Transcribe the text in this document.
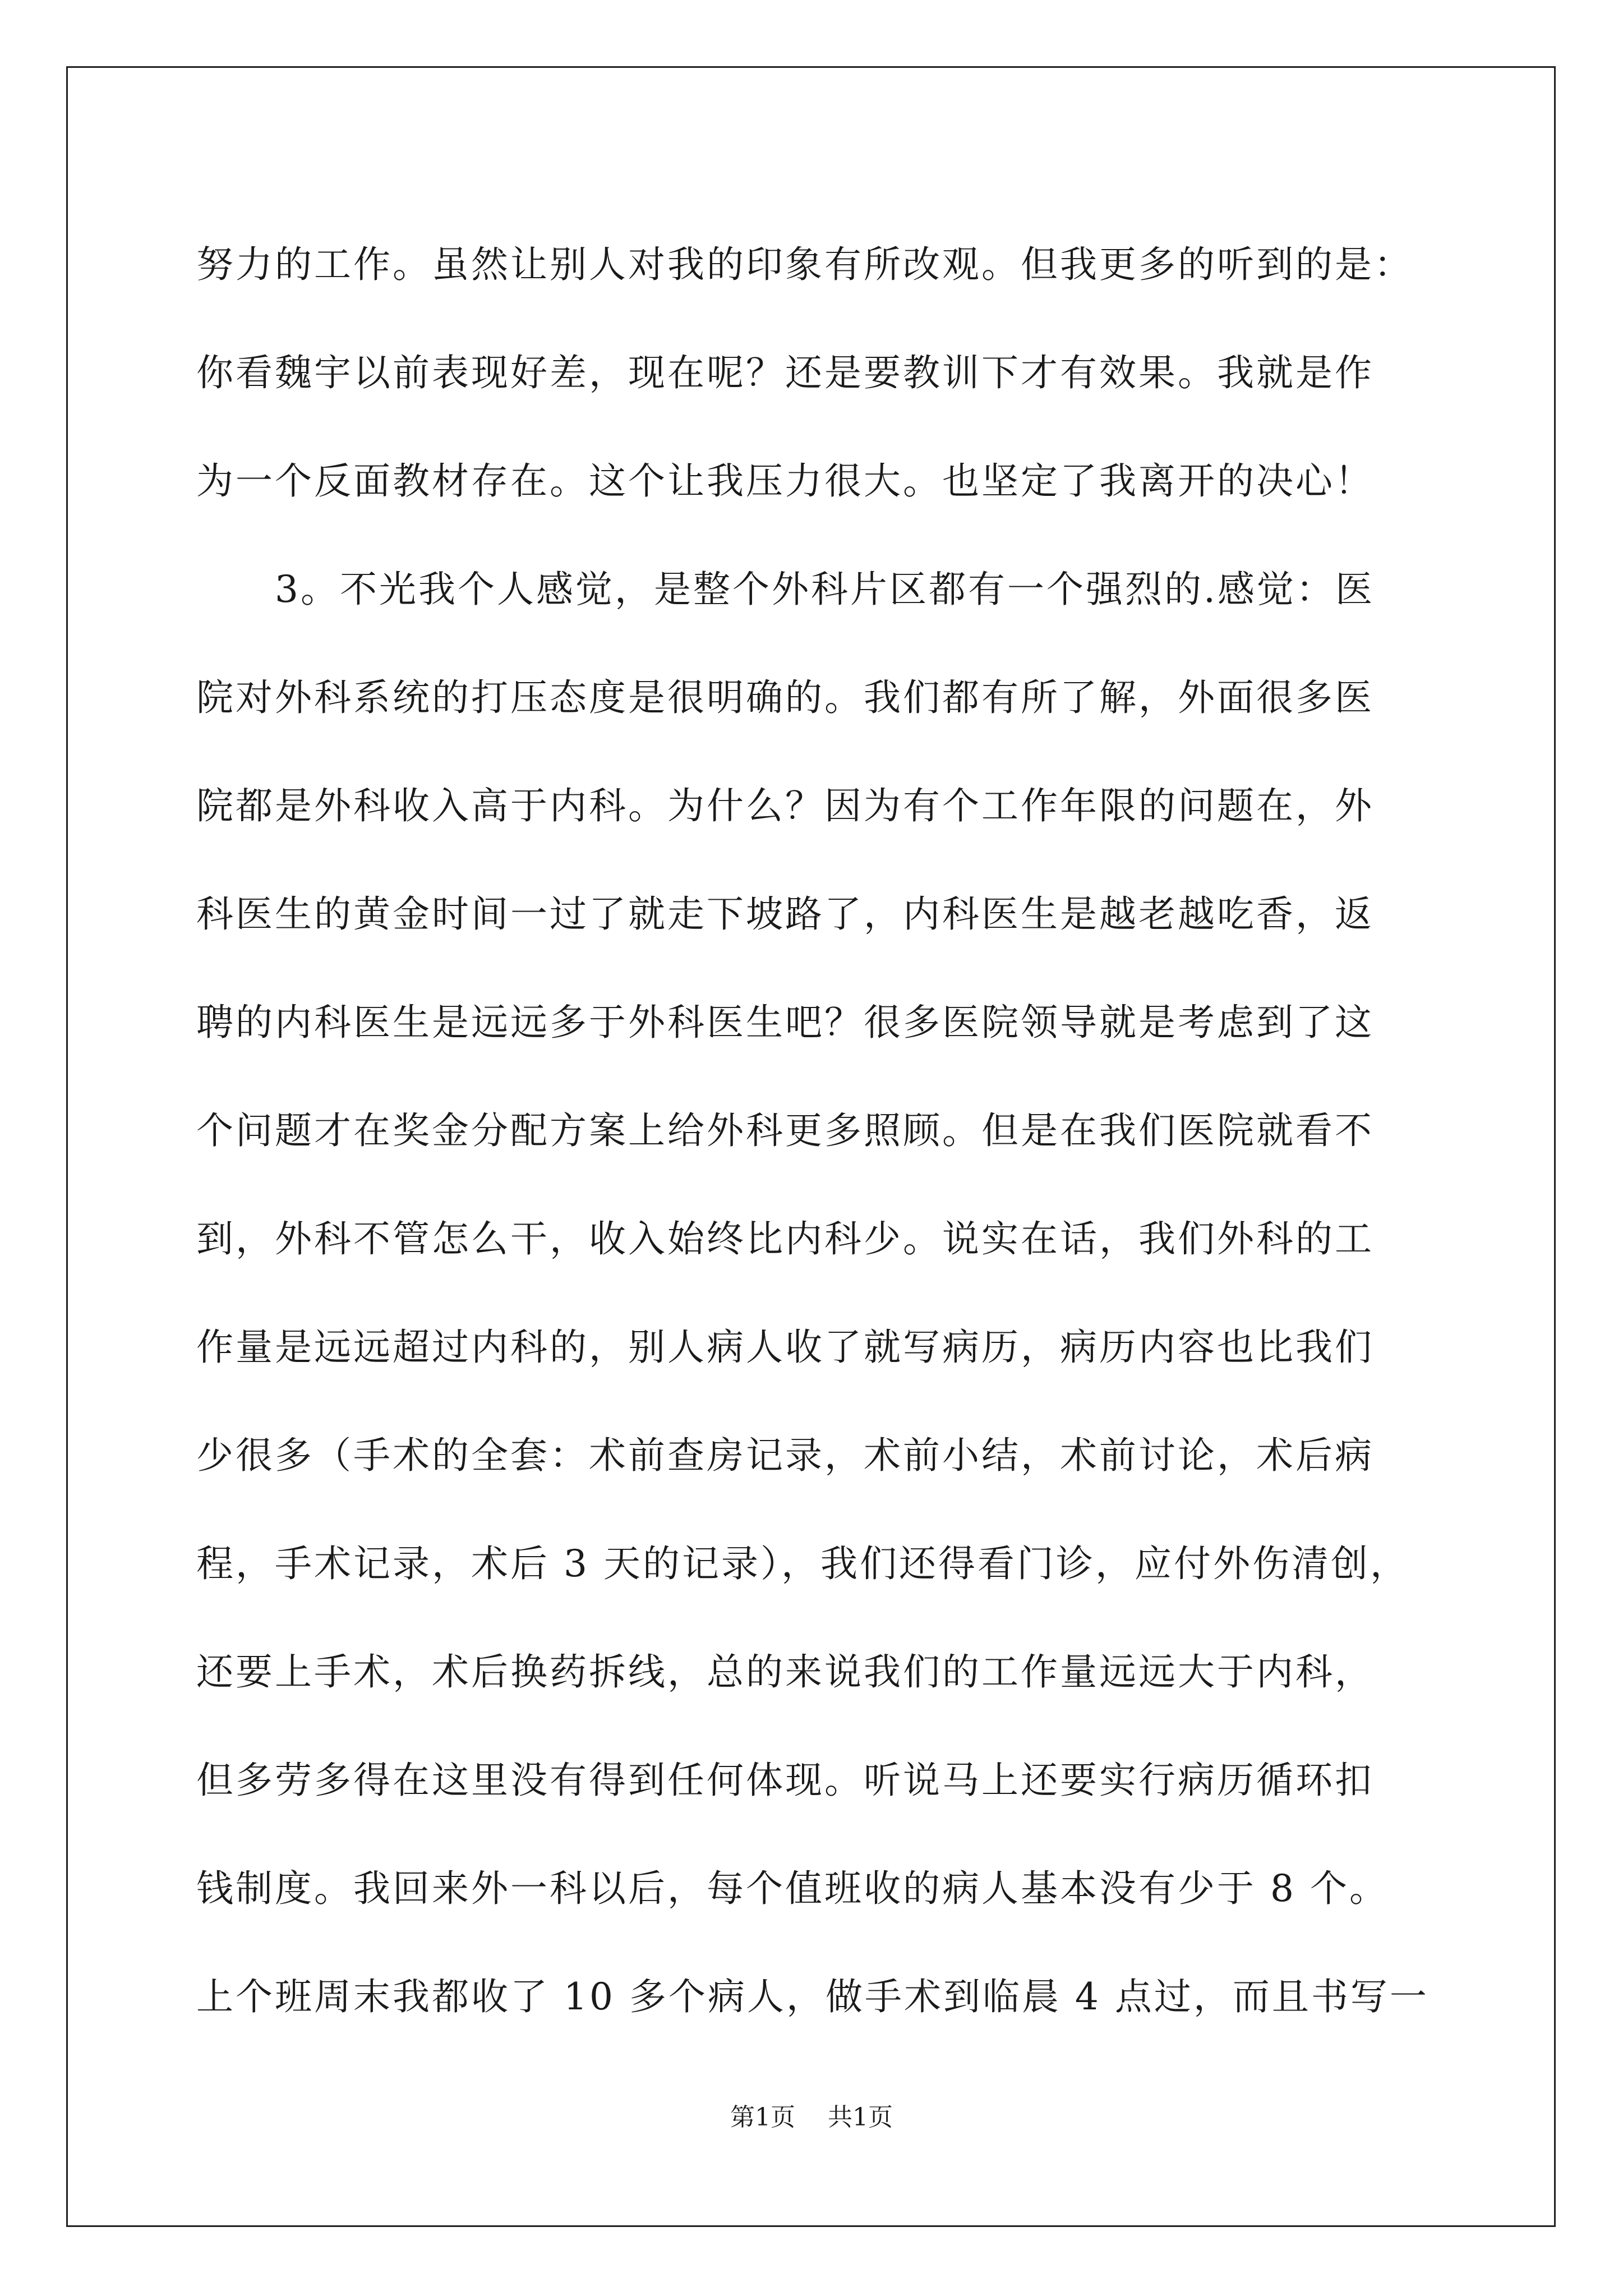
努力的工作。虽然让别人对我的印象有所改观。但我更多的听到的是：

你看魏宇以前表现好差，现在呢？还是要教训下才有效果。我就是作

为一个反面教材存在。这个让我压力很大。也坚定了我离开的决心！

　　3。不光我个人感觉，是整个外科片区都有一个强烈的.感觉：医

院对外科系统的打压态度是很明确的。我们都有所了解，外面很多医

院都是外科收入高于内科。为什么？因为有个工作年限的问题在，外

科医生的黄金时间一过了就走下坡路了，内科医生是越老越吃香，返

聘的内科医生是远远多于外科医生吧？很多医院领导就是考虑到了这

个问题才在奖金分配方案上给外科更多照顾。但是在我们医院就看不

到，外科不管怎么干，收入始终比内科少。说实在话，我们外科的工

作量是远远超过内科的，别人病人收了就写病历，病历内容也比我们

少很多（手术的全套：术前查房记录，术前小结，术前讨论，术后病

程，手术记录，术后 3 天的记录），我们还得看门诊，应付外伤清创，

还要上手术，术后换药拆线，总的来说我们的工作量远远大于内科，

但多劳多得在这里没有得到任何体现。听说马上还要实行病历循环扣

钱制度。我回来外一科以后，每个值班收的病人基本没有少于 8 个。

上个班周末我都收了 10 多个病人，做手术到临晨 4 点过，而且书写一

第1页 共1页
